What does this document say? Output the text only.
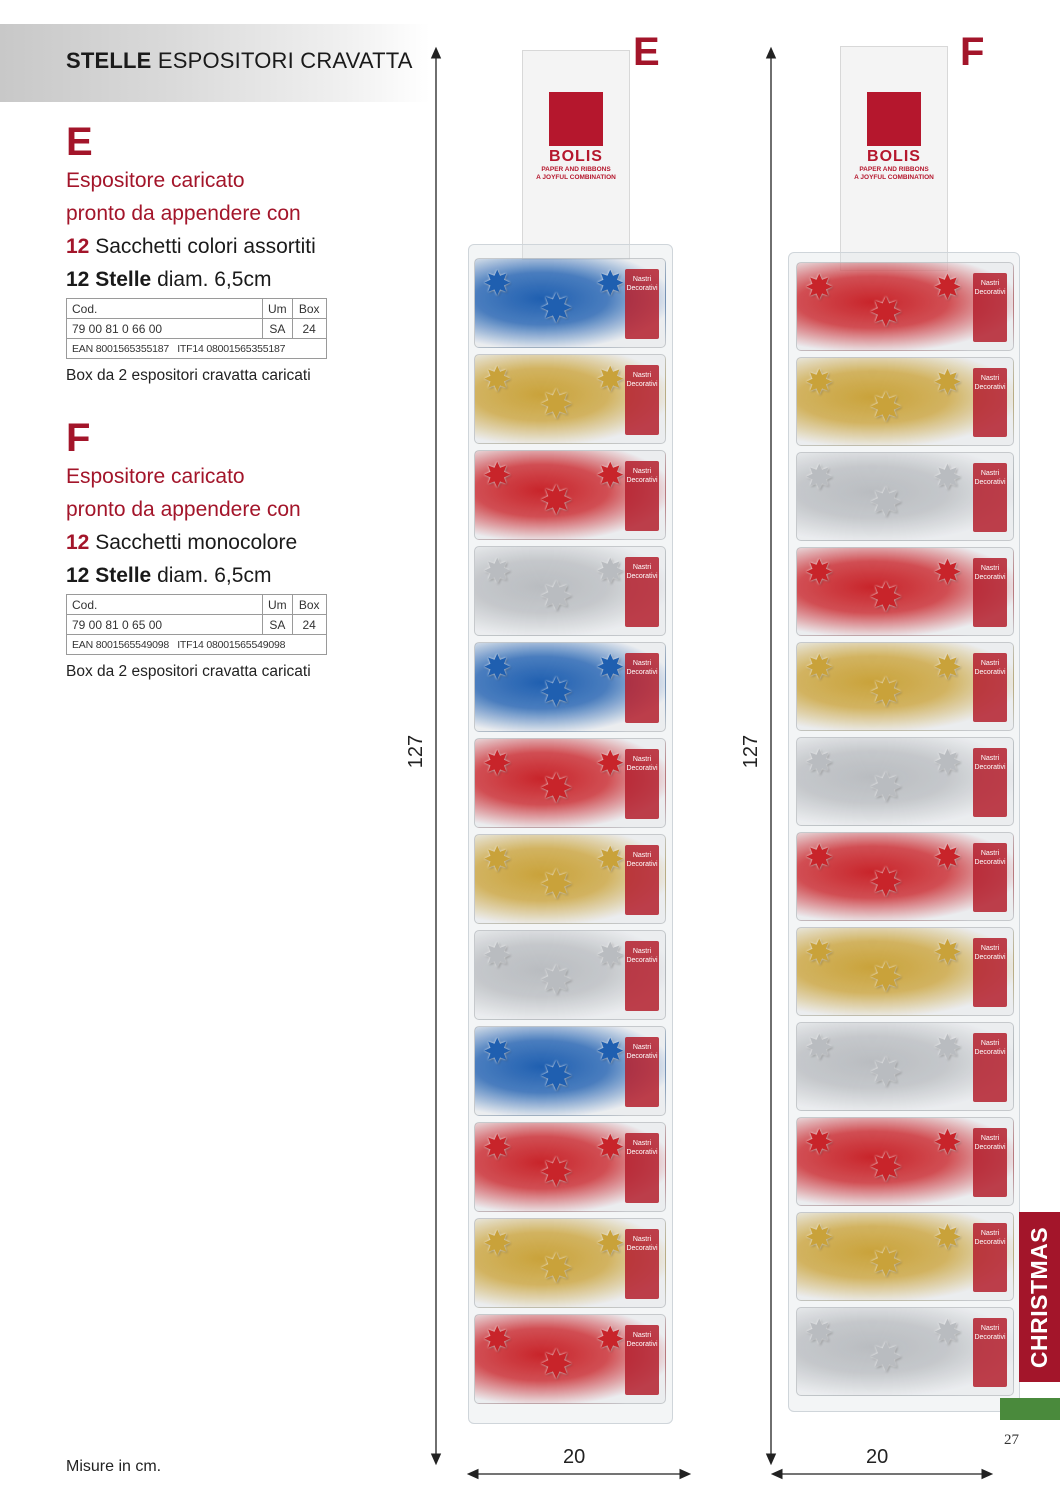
STELLE ESPOSITORI CRAVATTA
E
Espositore caricato
pronto da appendere con
12 Sacchetti colori assortiti
12 Stelle diam. 6,5cm
Cod.	Um	Box
79 00 81 0 66 00	SA	24
EAN 8001565355187 ITF14 08001565355187		
Box da 2 espositori cravatta caricati
F
Espositore caricato
pronto da appendere con
12 Sacchetti monocolore
12 Stelle diam. 6,5cm
Cod.	Um	Box
79 00 81 0 65 00	SA	24
EAN 8001565549098 ITF14 08001565549098		
Box da 2 espositori cravatta caricati
127	127
20	20
E	F
BOLIS
PAPER AND RIBBONS
A JOYFUL COMBINATION
✸
✸
✸	Nastri Decorativi
✸
✸
✸	Nastri Decorativi
✸
✸
✸	Nastri Decorativi
✸
✸
✸	Nastri Decorativi
✸
✸
✸	Nastri Decorativi
✸
✸
✸	Nastri Decorativi
✸
✸
✸	Nastri Decorativi
✸
✸
✸	Nastri Decorativi
✸
✸
✸	Nastri Decorativi
✸
✸
✸	Nastri Decorativi
✸
✸
✸	Nastri Decorativi
✸
✸
✸	Nastri Decorativi
BOLIS
PAPER AND RIBBONS
A JOYFUL COMBINATION
✸
✸
✸	Nastri Decorativi
✸
✸
✸	Nastri Decorativi
✸
✸
✸	Nastri Decorativi
✸
✸
✸	Nastri Decorativi
✸
✸
✸	Nastri Decorativi
✸
✸
✸	Nastri Decorativi
✸
✸
✸	Nastri Decorativi
✸
✸
✸	Nastri Decorativi
✸
✸
✸	Nastri Decorativi
✸
✸
✸	Nastri Decorativi
✸
✸
✸	Nastri Decorativi
✸
✸
✸	Nastri Decorativi CHRISTMAS
27
Misure in cm.
